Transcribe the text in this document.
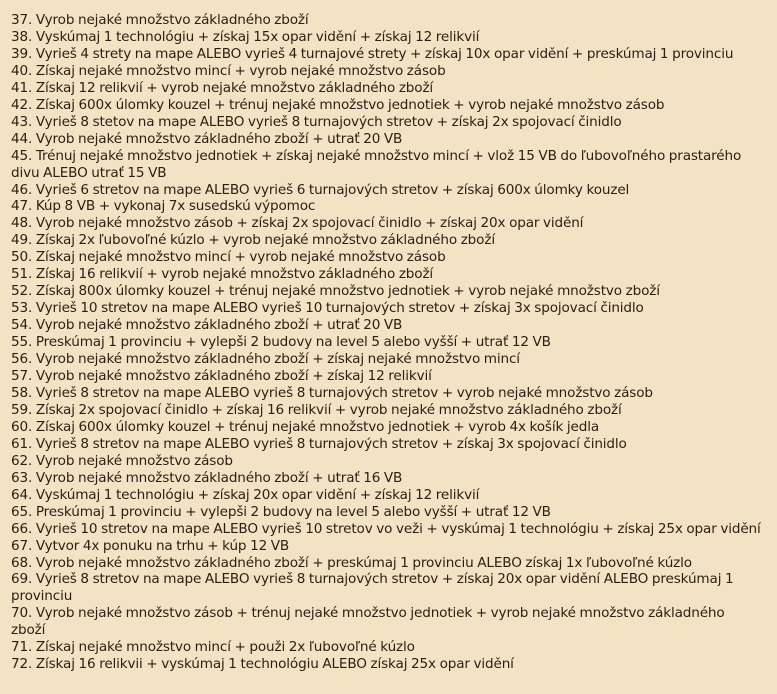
37. Vyrob nejaké množstvo základného zboží
38. Vyskúmaj 1 technológiu + získaj 15x opar vidění + získaj 12 relikvií
39. Vyrieš 4 strety na mape ALEBO vyrieš 4 turnajové strety + získaj 10x opar vidění + preskúmaj 1 provinciu
40. Získaj nejaké množstvo mincí + vyrob nejaké množstvo zásob
41. Získaj 12 relikvií + vyrob nejaké množstvo základného zboží
42. Získaj 600x úlomky kouzel + trénuj nejaké množstvo jednotiek + vyrob nejaké množstvo zásob
43. Vyrieš 8 stetov na mape ALEBO vyrieš 8 turnajových stretov + získaj 2x spojovací činidlo
44. Vyrob nejaké množstvo základného zboží + utrať 20 VB
45. Trénuj nejaké množstvo jednotiek + získaj nejaké množstvo mincí + vlož 15 VB do ľubovoľného prastarého divu ALEBO utrať 15 VB
46. Vyrieš 6 stretov na mape ALEBO vyrieš 6 turnajových stretov + získaj 600x úlomky kouzel
47. Kúp 8 VB + vykonaj 7x susedskú výpomoc
48. Vyrob nejaké množstvo zásob + získaj 2x spojovací činidlo + získaj 20x opar vidění
49. Získaj 2x ľubovoľné kúzlo + vyrob nejaké množstvo základného zboží
50. Získaj nejaké množstvo mincí + vyrob nejaké množstvo zásob
51. Získaj 16 relikvií + vyrob nejaké množstvo základného zboží
52. Získaj 800x úlomky kouzel + trénuj nejaké množstvo jednotiek + vyrob nejaké množstvo zboží
53. Vyrieš 10 stretov na mape ALEBO vyrieš 10 turnajových stretov + získaj 3x spojovací činidlo
54. Vyrob nejaké množstvo základného zboží + utrať 20 VB
55. Preskúmaj 1 provinciu + vylepši 2 budovy na level 5 alebo vyšší + utrať 12 VB
56. Vyrob nejaké množstvo základného zboží + získaj nejaké množstvo mincí
57. Vyrob nejaké množstvo základného zboží + získaj 12 relikvií
58. Vyrieš 8 stretov na mape ALEBO vyrieš 8 turnajových stretov + vyrob nejaké množstvo zásob
59. Získaj 2x spojovací činidlo + získaj 16 relikvií + vyrob nejaké množstvo základného zboží
60. Získaj 600x úlomky kouzel + trénuj nejaké množstvo jednotiek + vyrob 4x košík jedla
61. Vyrieš 8 stretov na mape ALEBO vyrieš 8 turnajových stretov + získaj 3x spojovací činidlo
62. Vyrob nejaké množstvo zásob
63. Vyrob nejaké množstvo základného zboží + utrať 16 VB
64. Vyskúmaj 1 technológiu + získaj 20x opar vidění + získaj 12 relikvií
65. Preskúmaj 1 provinciu + vylepši 2 budovy na level 5 alebo vyšší + utrať 12 VB
66. Vyrieš 10 stretov na mape ALEBO vyrieš 10 stretov vo veži + vyskúmaj 1 technológiu + získaj 25x opar vidění
67. Vytvor 4x ponuku na trhu + kúp 12 VB
68. Vyrob nejaké množstvo základného zboží + preskúmaj 1 provinciu ALEBO získaj 1x ľubovoľné kúzlo
69. Vyrieš 8 stretov na mape ALEBO vyrieš 8 turnajových stretov + získaj 20x opar vidění ALEBO preskúmaj 1 provinciu
70. Vyrob nejaké množstvo zásob + trénuj nejaké množstvo jednotiek + vyrob nejaké množstvo základného zboží
71. Získaj nejaké množstvo mincí + použi 2x ľubovoľné kúzlo
72. Získaj 16 relikvii + vyskúmaj 1 technológiu ALEBO získaj 25x opar vidění
